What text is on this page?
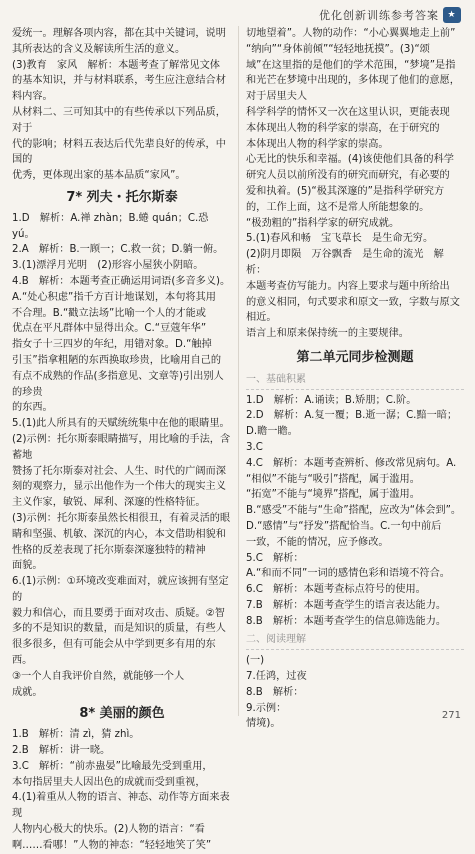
优化创新训练参考答案 ★

爱统一。理解各项内容，都在其中关键词，说明

其所表达的含义及解读所生活的意义。

(3)教育　家风　解析：本题考查了解常见文体

的基本知识，并与材料联系，考生应注意结合材料内容。

从材料二、三可知其中的有些传承以下列品质，对于

代的影响；材料五表达后代先辈良好的传承，中国的

优秀，更体现出家的基本品质“家风”。

7* 列夫・托尔斯泰

1.D　解析：A.禅 zhàn；B.蜷 quán；C.恐 yú。

2.A　解析：B.一顾一；C.救一贫；D.躺一俯。

3.(1)漂浮月光明　(2)形容小屋狭小阴暗。

4.B　解析：本题考查正确运用词语(多音多义)。

A.“处心积虑”指千方百计地谋划，本句将其用

不合理。B.“戳立法场”比喻一个人的才能或

优点在平凡群体中显得出众。C.“豆蔻年华”

指女子十三四岁的年纪，用错对象。D.“触掉

引玉”指拿粗陋的东西换取珍贵，比喻用自己的

有点不成熟的作品(多指意见、文章等)引出别人的珍贵

的东西。

5.(1)此人所具有的天赋统统集中在他的眼睛里。

(2)示例：托尔斯泰眼睛描写，用比喻的手法，含蓄地

赞扬了托尔斯泰对社会、人生、时代的广阔而深

刻的观察力，显示出他作为一个伟大的现实主义

主义作家，敏锐、犀利、深邃的性格特征。

(3)示例：托尔斯泰虽然长相很丑，有着灵活的眼

睛和坚强、机敏、深沉的内心，本文借助相貌和

性格的反差表现了托尔斯泰深邃独特的精神

面貌。

6.(1)示例：①环境改变难面对，就应该拥有坚定的

毅力和信心，而且要勇于面对攻击、质疑。②智

多的不是知识的数量，而是知识的质量，有些人

很多很多，但有可能会从中学到更多有用的东西。

③一个人自我评价自然，就能够一个人

成就。

8* 美丽的颜色

1.B　解析：清 zì，猜 zhì。

2.B　解析：讲一晓。

3.C　解析：“前赤蛊晏”比喻最先受到重用，

本句指居里夫人因出色的成就而受到重视，

4.(1)着重从人物的语言、神态、动作等方面来表现

人物内心极大的快乐。(2)人物的语言：“看

啊……看哪！”人物的神态：“轻轻地笑了笑”

切地望着”。人物的动作：“小心翼翼地走上前”

“纳向”“身体前倾”“轻轻地抚摸”。(3)“颂

域”在这里指的是他们的学术范围，“梦境”是指

和光芒在梦境中出现的，多体现了他们的意愿，对于居里夫人

科学科学的情怀又一次在这里认识，更能表现

本体现出人物的科学家的崇高，在于研究的

本体现出人物的科学家的崇高。

心无比的快乐和幸福。(4)该使他们具备的科学

研究人员以前所没有的研究而研究，有必要的

爱和执着。(5)“极其深邃的”是指科学研究方

的，工作上面，这不是常人所能想象的。

“极劲粗的”指科学家的研究成就。

5.(1)春风和畅　宝飞草长　是生命无穷。

(2)阴月即陨　万谷飘香　是生命的流光　解析：

本题考查仿写能力。内容上要求与题中所给出

的意义相同，句式要求和原文一致，字数与原文相近。

语言上和原来保持统一的主要规律。

第二单元同步检测题
一、基础积累

1.D　解析：A.诵读；B.矫朋；C.阶。

2.D　解析：A.复一覆；B.逝一潺；C.黯一暗；

D.瞻一瞻。

3.C

4.C　解析：本题考查辨析、修改常见病句。A.

“相似”不能与“吸引”搭配，属于滥用。

“拓宽”不能与“境界”搭配，属于滥用。

B.“感受”不能与“生命”搭配，应改为“体会到”。

D.“感情”与“抒发”搭配恰当。C.一句中前后

一致，不能的情况，应予修改。

5.C　解析：

A.“和而不同”一词的感情色彩和语境不符合。

6.C　解析：本题考查标点符号的使用。

7.B　解析：本题考查学生的语言表达能力。

8.B　解析：本题考查学生的信息筛选能力。

二、阅读理解

(一)

7.任鸿，过夜

8.B　解析：

9.示例：

情境)。

271
